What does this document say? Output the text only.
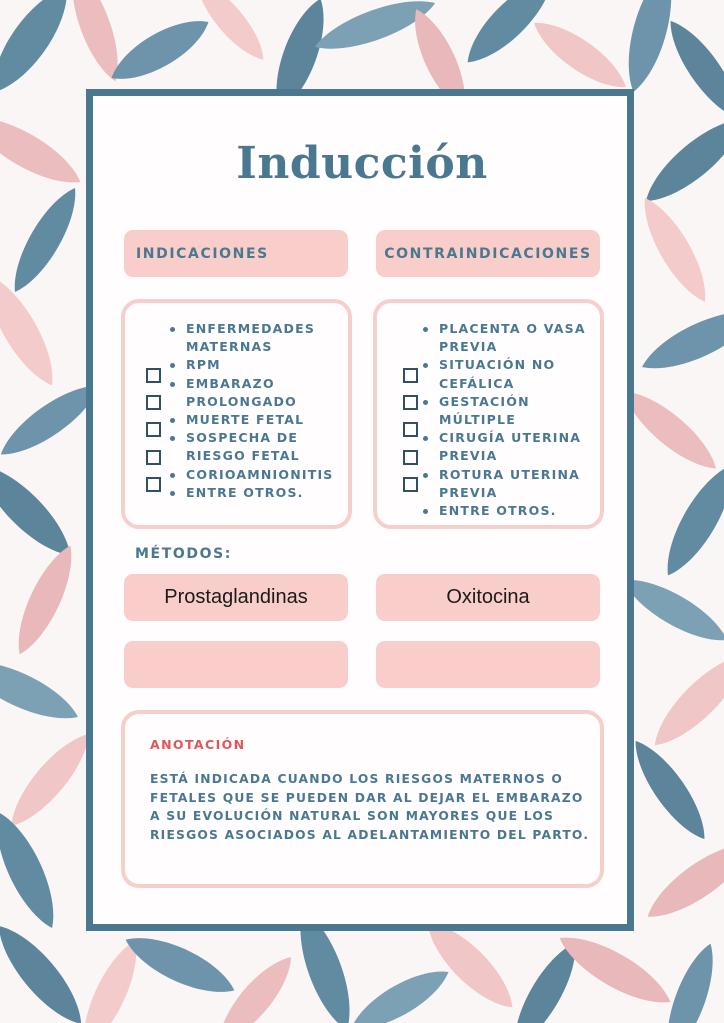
Inducción
INDICACIONES	CONTRAINDICACIONES
ENFERMEDADES MATERNAS
RPM
EMBARAZO PROLONGADO
MUERTE FETAL
SOSPECHA DE RIESGO FETAL
CORIOAMNIONITIS
ENTRE OTROS.
PLACENTA O VASA PREVIA
SITUACIÓN NO CEFÁLICA
GESTACIÓN MÚLTIPLE
CIRUGÍA UTERINA PREVIA
ROTURA UTERINA PREVIA
ENTRE OTROS.
MÉTODOS:
Prostaglandinas	Oxitocina
ANOTACIÓN

ESTÁ INDICADA CUANDO LOS RIESGOS MATERNOS O FETALES QUE SE PUEDEN DAR AL DEJAR EL EMBARAZO A SU EVOLUCIÓN NATURAL SON MAYORES QUE LOS RIESGOS ASOCIADOS AL ADELANTAMIENTO DEL PARTO.
